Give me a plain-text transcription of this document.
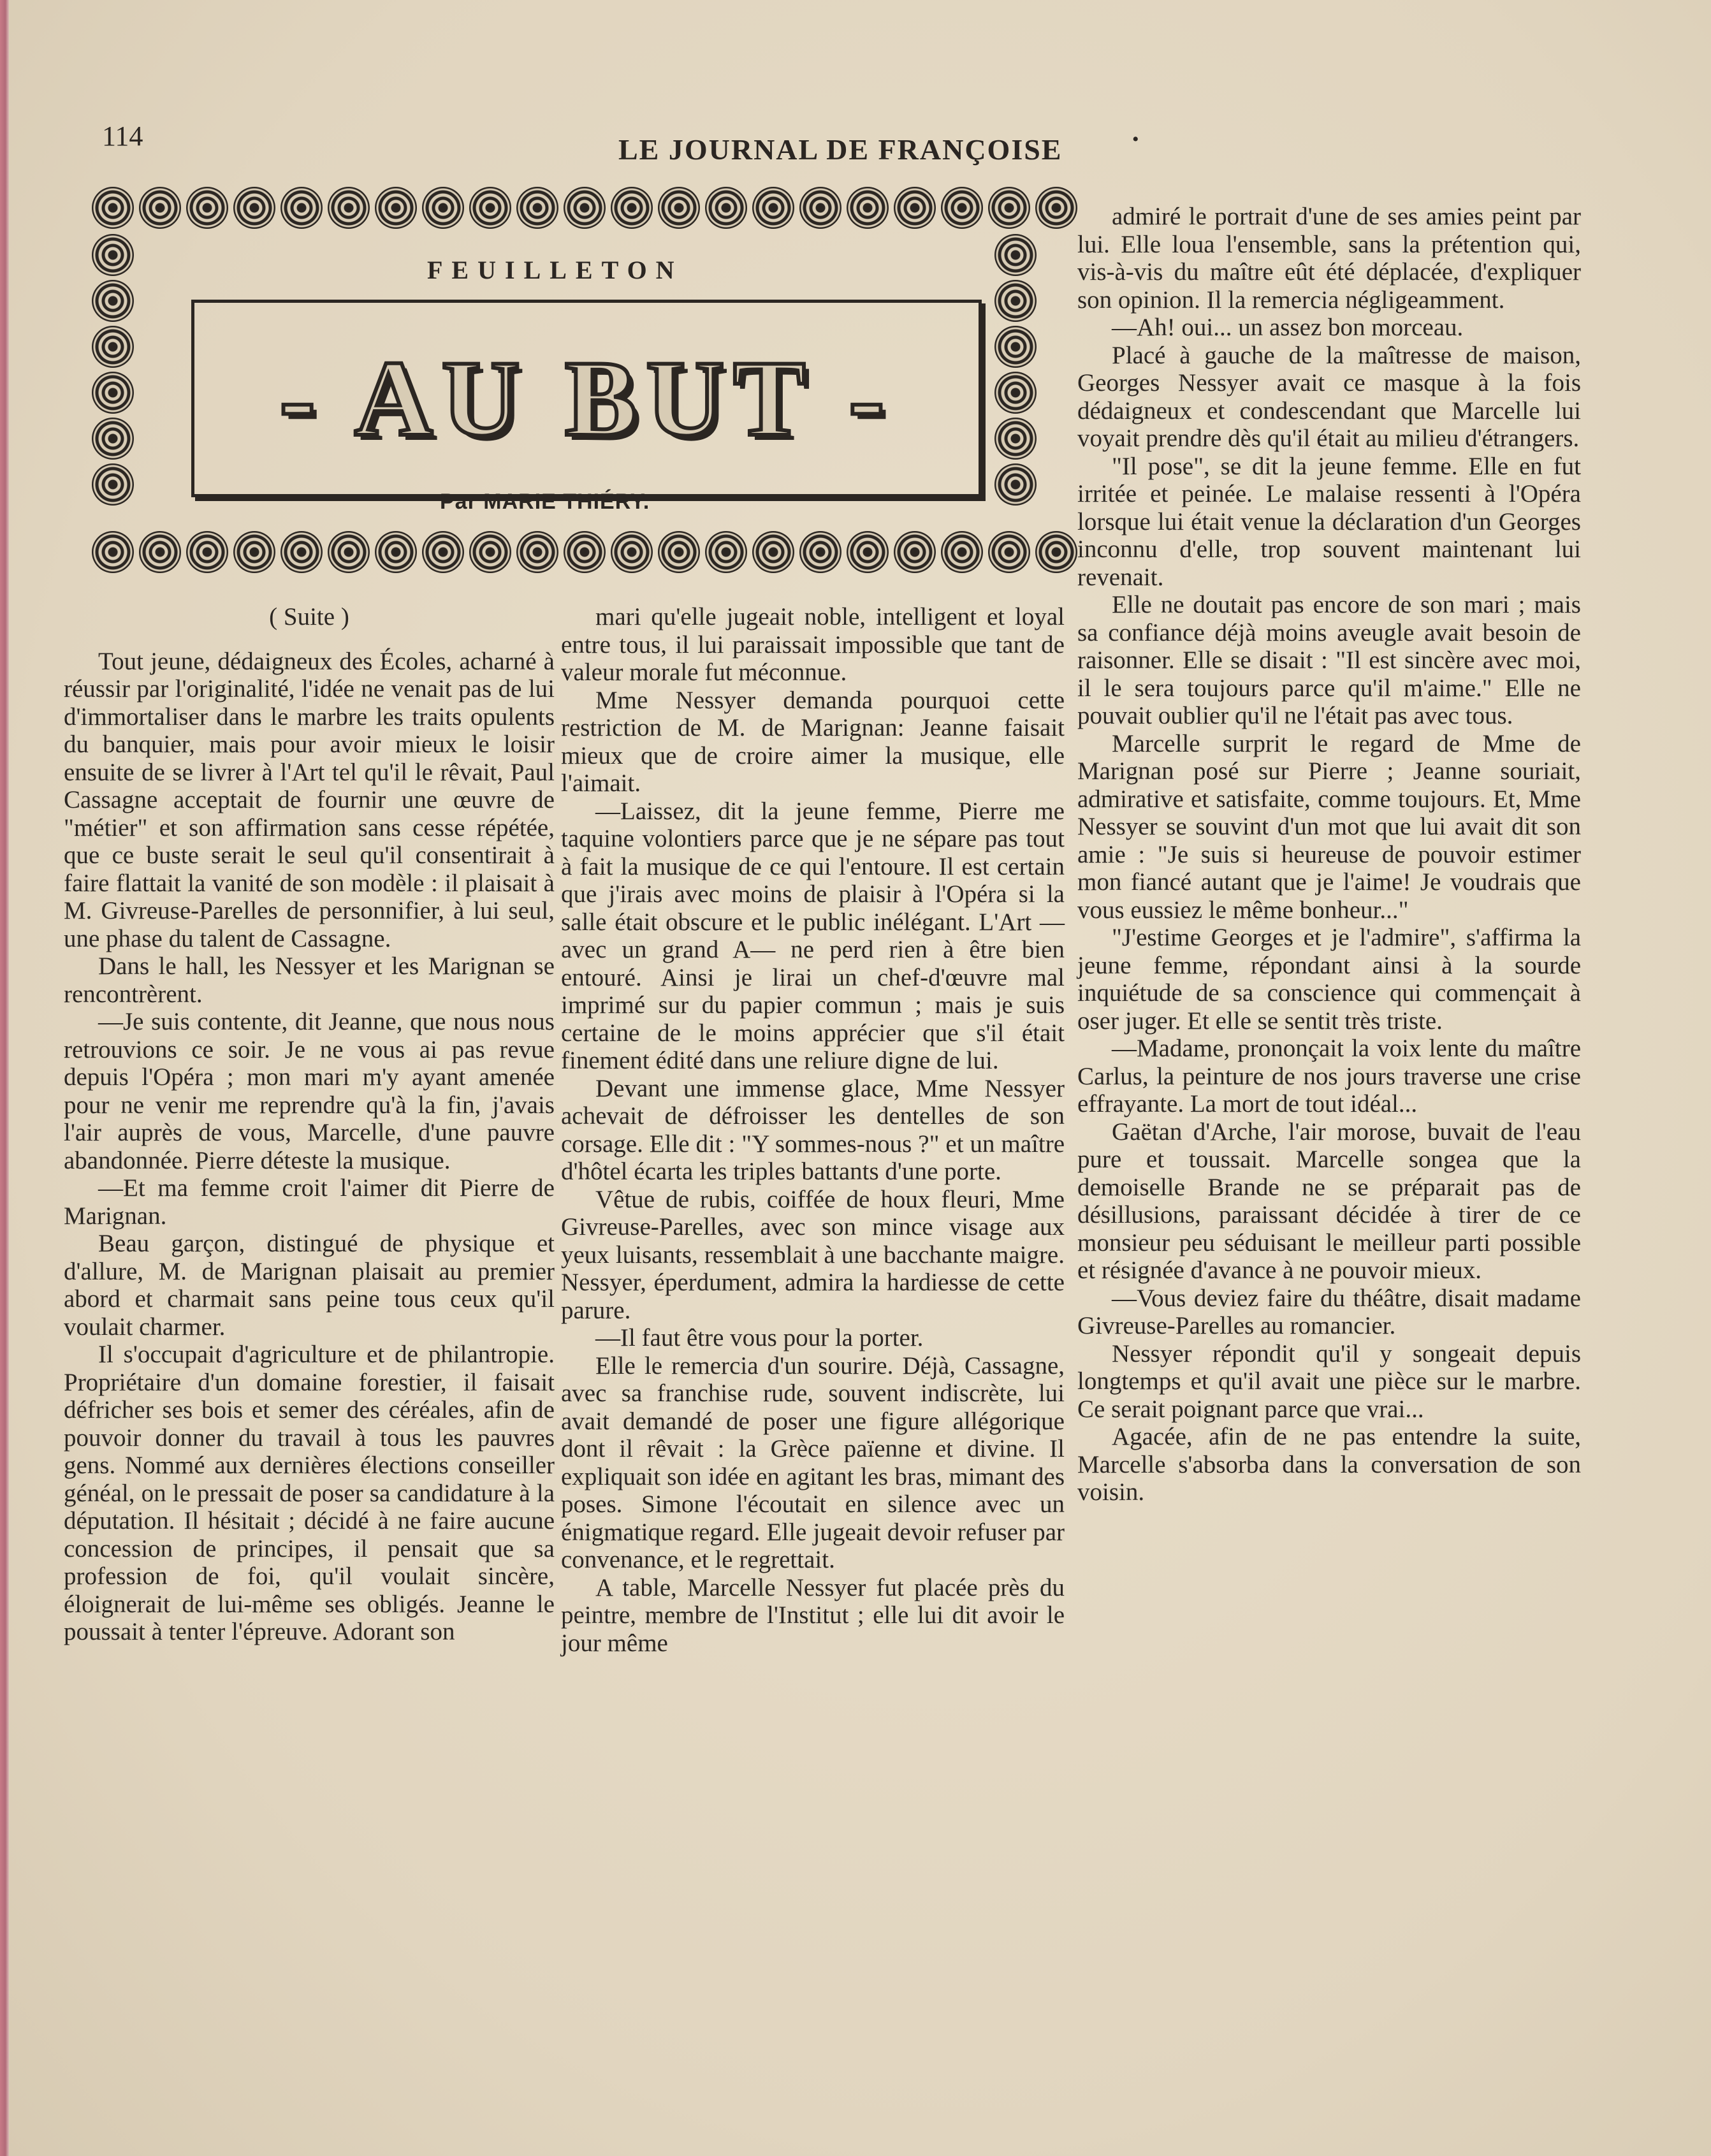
114	LE JOURNAL DE FRANÇOISE	•
FEUILLETON
- AU BUT -
Par MARIE THIÉRY.

( Suite )

Tout jeune, dédaigneux des Écoles, acharné à réussir par l'originalité, l'idée ne venait pas de lui d'immortaliser dans le marbre les traits opulents du banquier, mais pour avoir mieux le loisir ensuite de se livrer à l'Art tel qu'il le rêvait, Paul Cassagne acceptait de fournir une œuvre de "métier" et son affirmation sans cesse répétée, que ce buste serait le seul qu'il consentirait à faire flattait la vanité de son modèle : il plaisait à M. Givreuse-Parelles de personnifier, à lui seul, une phase du talent de Cassagne.

Dans le hall, les Nessyer et les Marignan se rencontrèrent.

—Je suis contente, dit Jeanne, que nous nous retrouvions ce soir. Je ne vous ai pas revue depuis l'Opéra ; mon mari m'y ayant amenée pour ne venir me reprendre qu'à la fin, j'avais l'air auprès de vous, Marcelle, d'une pauvre abandonnée. Pierre déteste la musique.

—Et ma femme croit l'aimer dit Pierre de Marignan.

Beau garçon, distingué de physique et d'allure, M. de Marignan plaisait au premier abord et charmait sans peine tous ceux qu'il voulait charmer.

Il s'occupait d'agriculture et de philantropie. Propriétaire d'un domaine forestier, il faisait défricher ses bois et semer des céréales, afin de pouvoir donner du travail à tous les pauvres gens. Nommé aux dernières élections conseiller généal, on le pressait de poser sa candidature à la députation. Il hésitait ; décidé à ne faire aucune concession de principes, il pensait que sa profession de foi, qu'il voulait sincère, éloignerait de lui-même ses obligés. Jeanne le poussait à tenter l'épreuve. Adorant son

mari qu'elle jugeait noble, intelligent et loyal entre tous, il lui paraissait impossible que tant de valeur morale fut méconnue.

Mme Nessyer demanda pourquoi cette restriction de M. de Marignan: Jeanne faisait mieux que de croire aimer la musique, elle l'aimait.

—Laissez, dit la jeune femme, Pierre me taquine volontiers parce que je ne sépare pas tout à fait la musique de ce qui l'entoure. Il est certain que j'irais avec moins de plaisir à l'Opéra si la salle était obscure et le public inélégant. L'Art — avec un grand A— ne perd rien à être bien entouré. Ainsi je lirai un chef-d'œuvre mal imprimé sur du papier commun ; mais je suis certaine de le moins apprécier que s'il était finement édité dans une reliure digne de lui.

Devant une immense glace, Mme Nessyer achevait de défroisser les dentelles de son corsage. Elle dit : "Y sommes-nous ?" et un maître d'hôtel écarta les triples battants d'une porte.

Vêtue de rubis, coiffée de houx fleuri, Mme Givreuse-Parelles, avec son mince visage aux yeux luisants, ressemblait à une bacchante maigre. Nessyer, éperdument, admira la hardiesse de cette parure.

—Il faut être vous pour la porter.

Elle le remercia d'un sourire. Déjà, Cassagne, avec sa franchise rude, souvent indiscrète, lui avait demandé de poser une figure allégorique dont il rêvait : la Grèce païenne et divine. Il expliquait son idée en agitant les bras, mimant des poses. Simone l'écoutait en silence avec un énigmatique regard. Elle jugeait devoir refuser par convenance, et le regrettait.

A table, Marcelle Nessyer fut placée près du peintre, membre de l'Institut ; elle lui dit avoir le jour même

admiré le portrait d'une de ses amies peint par lui. Elle loua l'ensemble, sans la prétention qui, vis-à-vis du maître eût été déplacée, d'expliquer son opinion. Il la remercia négligeamment.

—Ah! oui... un assez bon morceau.

Placé à gauche de la maîtresse de maison, Georges Nessyer avait ce masque à la fois dédaigneux et condescendant que Marcelle lui voyait prendre dès qu'il était au milieu d'étrangers.

"Il pose", se dit la jeune femme. Elle en fut irritée et peinée. Le malaise ressenti à l'Opéra lorsque lui était venue la déclaration d'un Georges inconnu d'elle, trop souvent maintenant lui revenait.

Elle ne doutait pas encore de son mari ; mais sa confiance déjà moins aveugle avait besoin de raisonner. Elle se disait : "Il est sincère avec moi, il le sera toujours parce qu'il m'aime." Elle ne pouvait oublier qu'il ne l'était pas avec tous.

Marcelle surprit le regard de Mme de Marignan posé sur Pierre ; Jeanne souriait, admirative et satisfaite, comme toujours. Et, Mme Nessyer se souvint d'un mot que lui avait dit son amie : "Je suis si heureuse de pouvoir estimer mon fiancé autant que je l'aime! Je voudrais que vous eussiez le même bonheur..."

"J'estime Georges et je l'admire", s'affirma la jeune femme, répondant ainsi à la sourde inquiétude de sa conscience qui commençait à oser juger. Et elle se sentit très triste.

—Madame, prononçait la voix lente du maître Carlus, la peinture de nos jours traverse une crise effrayante. La mort de tout idéal...

Gaëtan d'Arche, l'air morose, buvait de l'eau pure et toussait. Marcelle songea que la demoiselle Brande ne se préparait pas de désillusions, paraissant décidée à tirer de ce monsieur peu séduisant le meilleur parti possible et résignée d'avance à ne pouvoir mieux.

—Vous deviez faire du théâtre, disait madame Givreuse-Parelles au romancier.

Nessyer répondit qu'il y songeait depuis longtemps et qu'il avait une pièce sur le marbre. Ce serait poignant parce que vrai...

Agacée, afin de ne pas entendre la suite, Marcelle s'absorba dans la conversation de son voisin.
